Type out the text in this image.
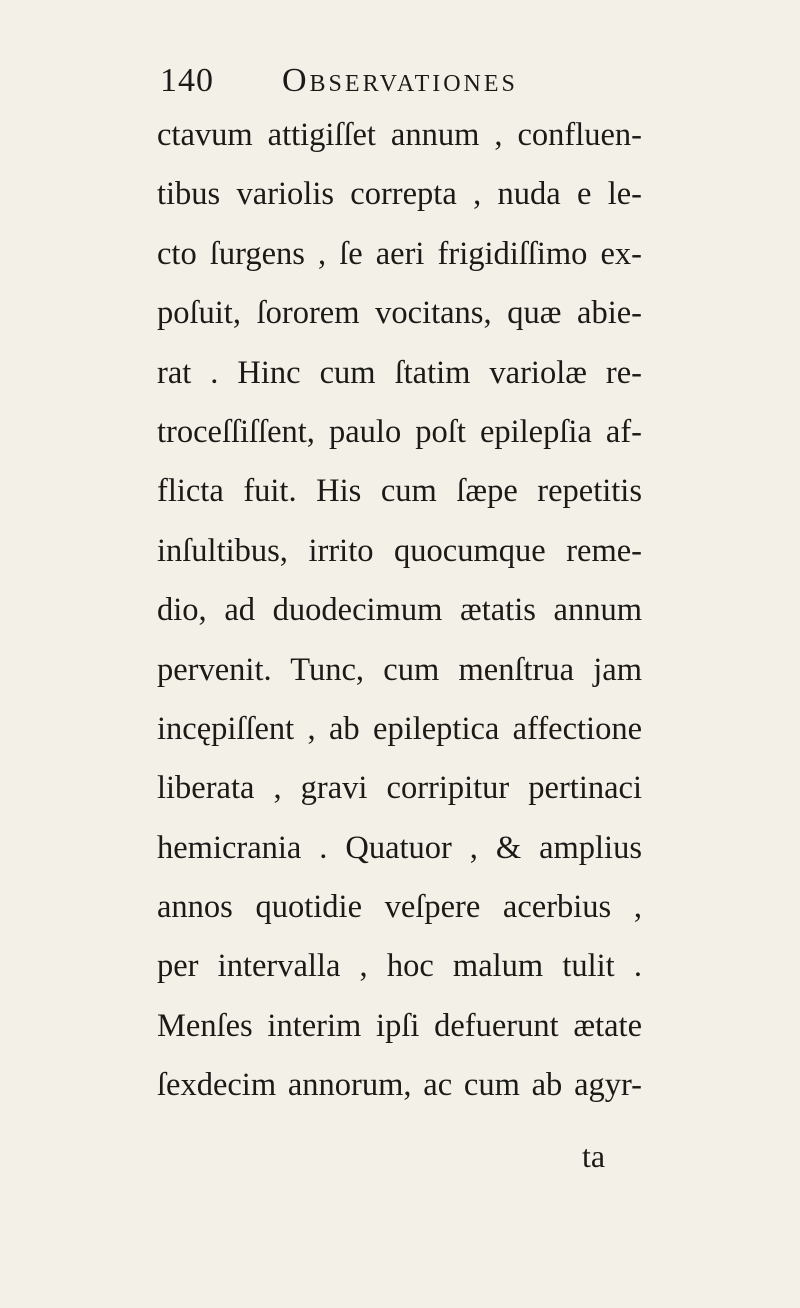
140 Observationes
ctavum attigiſſet annum , confluen-
tibus variolis correpta , nuda e le-
cto ſurgens , ſe aeri frigidiſſimo ex-
poſuit, ſororem vocitans, quæ abie-
rat . Hinc cum ſtatim variolæ re-
troceſſiſſent, paulo poſt epilepſia af-
flicta fuit. His cum ſæpe repetitis
inſultibus, irrito quocumque reme-
dio, ad duodecimum ætatis annum
pervenit. Tunc, cum menſtrua jam
incępiſſent , ab epileptica affectione
liberata , gravi corripitur pertinaci
hemicrania . Quatuor , & amplius
annos quotidie veſpere acerbius ,
per intervalla , hoc malum tulit .
Menſes interim ipſi defuerunt ætate
ſexdecim annorum, ac cum ab agyr-
ta
